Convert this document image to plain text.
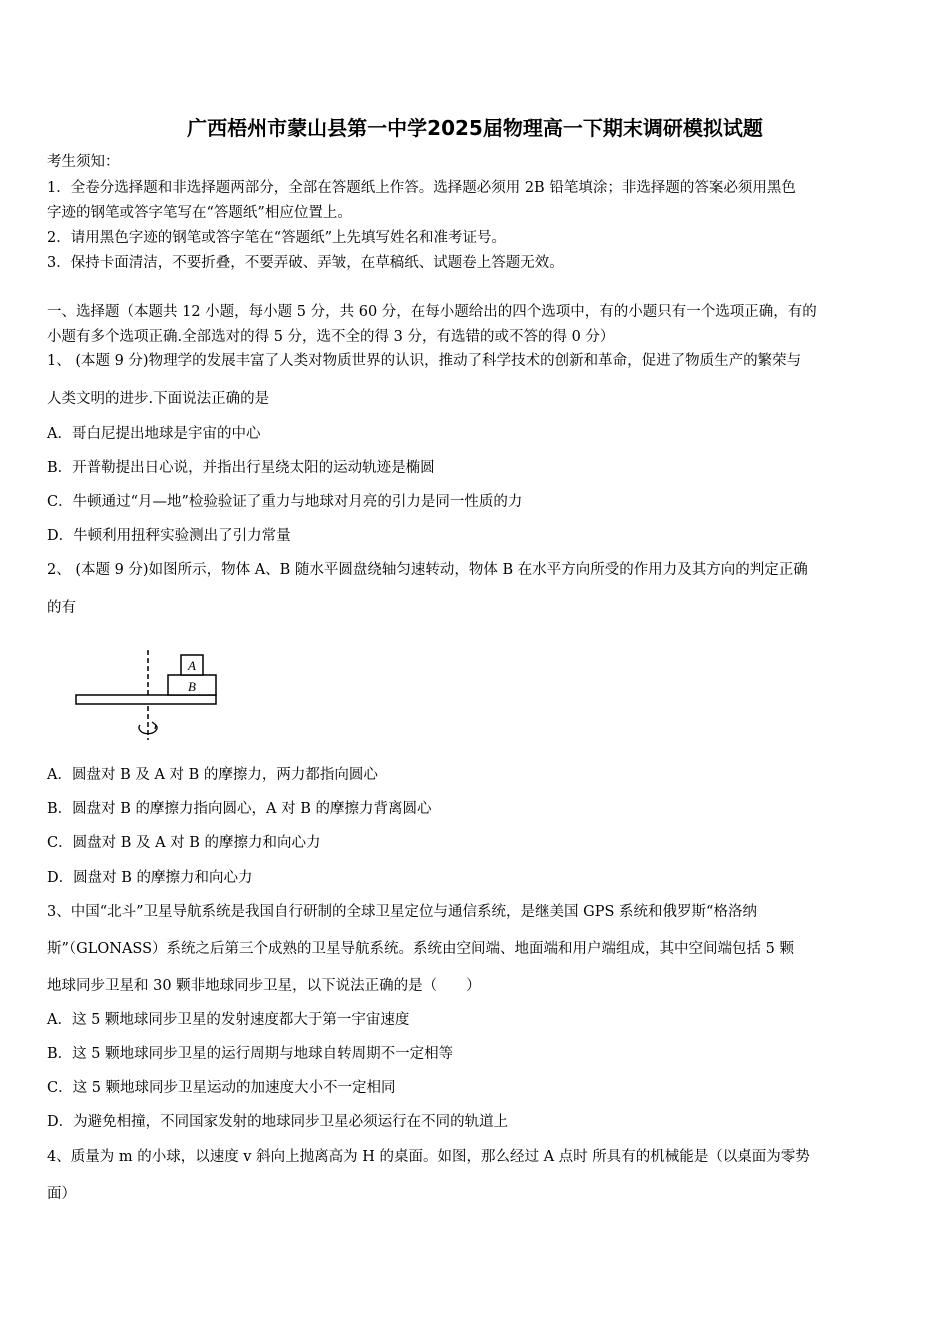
广西梧州市蒙山县第一中学2025届物理高一下期末调研模拟试题
考生须知：
1．全卷分选择题和非选择题两部分，全部在答题纸上作答。选择题必须用 2B 铅笔填涂；非选择题的答案必须用黑色
字迹的钢笔或答字笔写在“答题纸”相应位置上。
2．请用黑色字迹的钢笔或答字笔在“答题纸”上先填写姓名和准考证号。
3．保持卡面清洁，不要折叠，不要弄破、弄皱，在草稿纸、试题卷上答题无效。
一、选择题（本题共 12 小题，每小题 5 分，共 60 分，在每小题给出的四个选项中，有的小题只有一个选项正确，有的
小题有多个选项正确.全部选对的得 5 分，选不全的得 3 分，有选错的或不答的得 0 分）
1、 (本题 9 分)物理学的发展丰富了人类对物质世界的认识，推动了科学技术的创新和革命，促进了物质生产的繁荣与
人类文明的进步.下面说法正确的是
A．哥白尼提出地球是宇宙的中心
B．开普勒提出日心说，并指出行星绕太阳的运动轨迹是椭圆
C．牛顿通过“月—地”检验验证了重力与地球对月亮的引力是同一性质的力
D．牛顿利用扭秤实验测出了引力常量
2、 (本题 9 分)如图所示，物体 A、B 随水平圆盘绕轴匀速转动，物体 B 在水平方向所受的作用力及其方向的判定正确
的有
A
B
A．圆盘对 B 及 A 对 B 的摩擦力，两力都指向圆心
B．圆盘对 B 的摩擦力指向圆心，A 对 B 的摩擦力背离圆心
C．圆盘对 B 及 A 对 B 的摩擦力和向心力
D．圆盘对 B 的摩擦力和向心力
3、中国“北斗”卫星导航系统是我国自行研制的全球卫星定位与通信系统，是继美国 GPS 系统和俄罗斯“格洛纳
斯”（GLONASS）系统之后第三个成熟的卫星导航系统。系统由空间端、地面端和用户端组成，其中空间端包括 5 颗
地球同步卫星和 30 颗非地球同步卫星，以下说法正确的是（　　）
A．这 5 颗地球同步卫星的发射速度都大于第一宇宙速度
B．这 5 颗地球同步卫星的运行周期与地球自转周期不一定相等
C．这 5 颗地球同步卫星运动的加速度大小不一定相同
D．为避免相撞，不同国家发射的地球同步卫星必须运行在不同的轨道上
4、质量为 m 的小球，以速度 v 斜向上抛离高为 H 的桌面。如图，那么经过 A 点时 所具有的机械能是（以桌面为零势
面）
